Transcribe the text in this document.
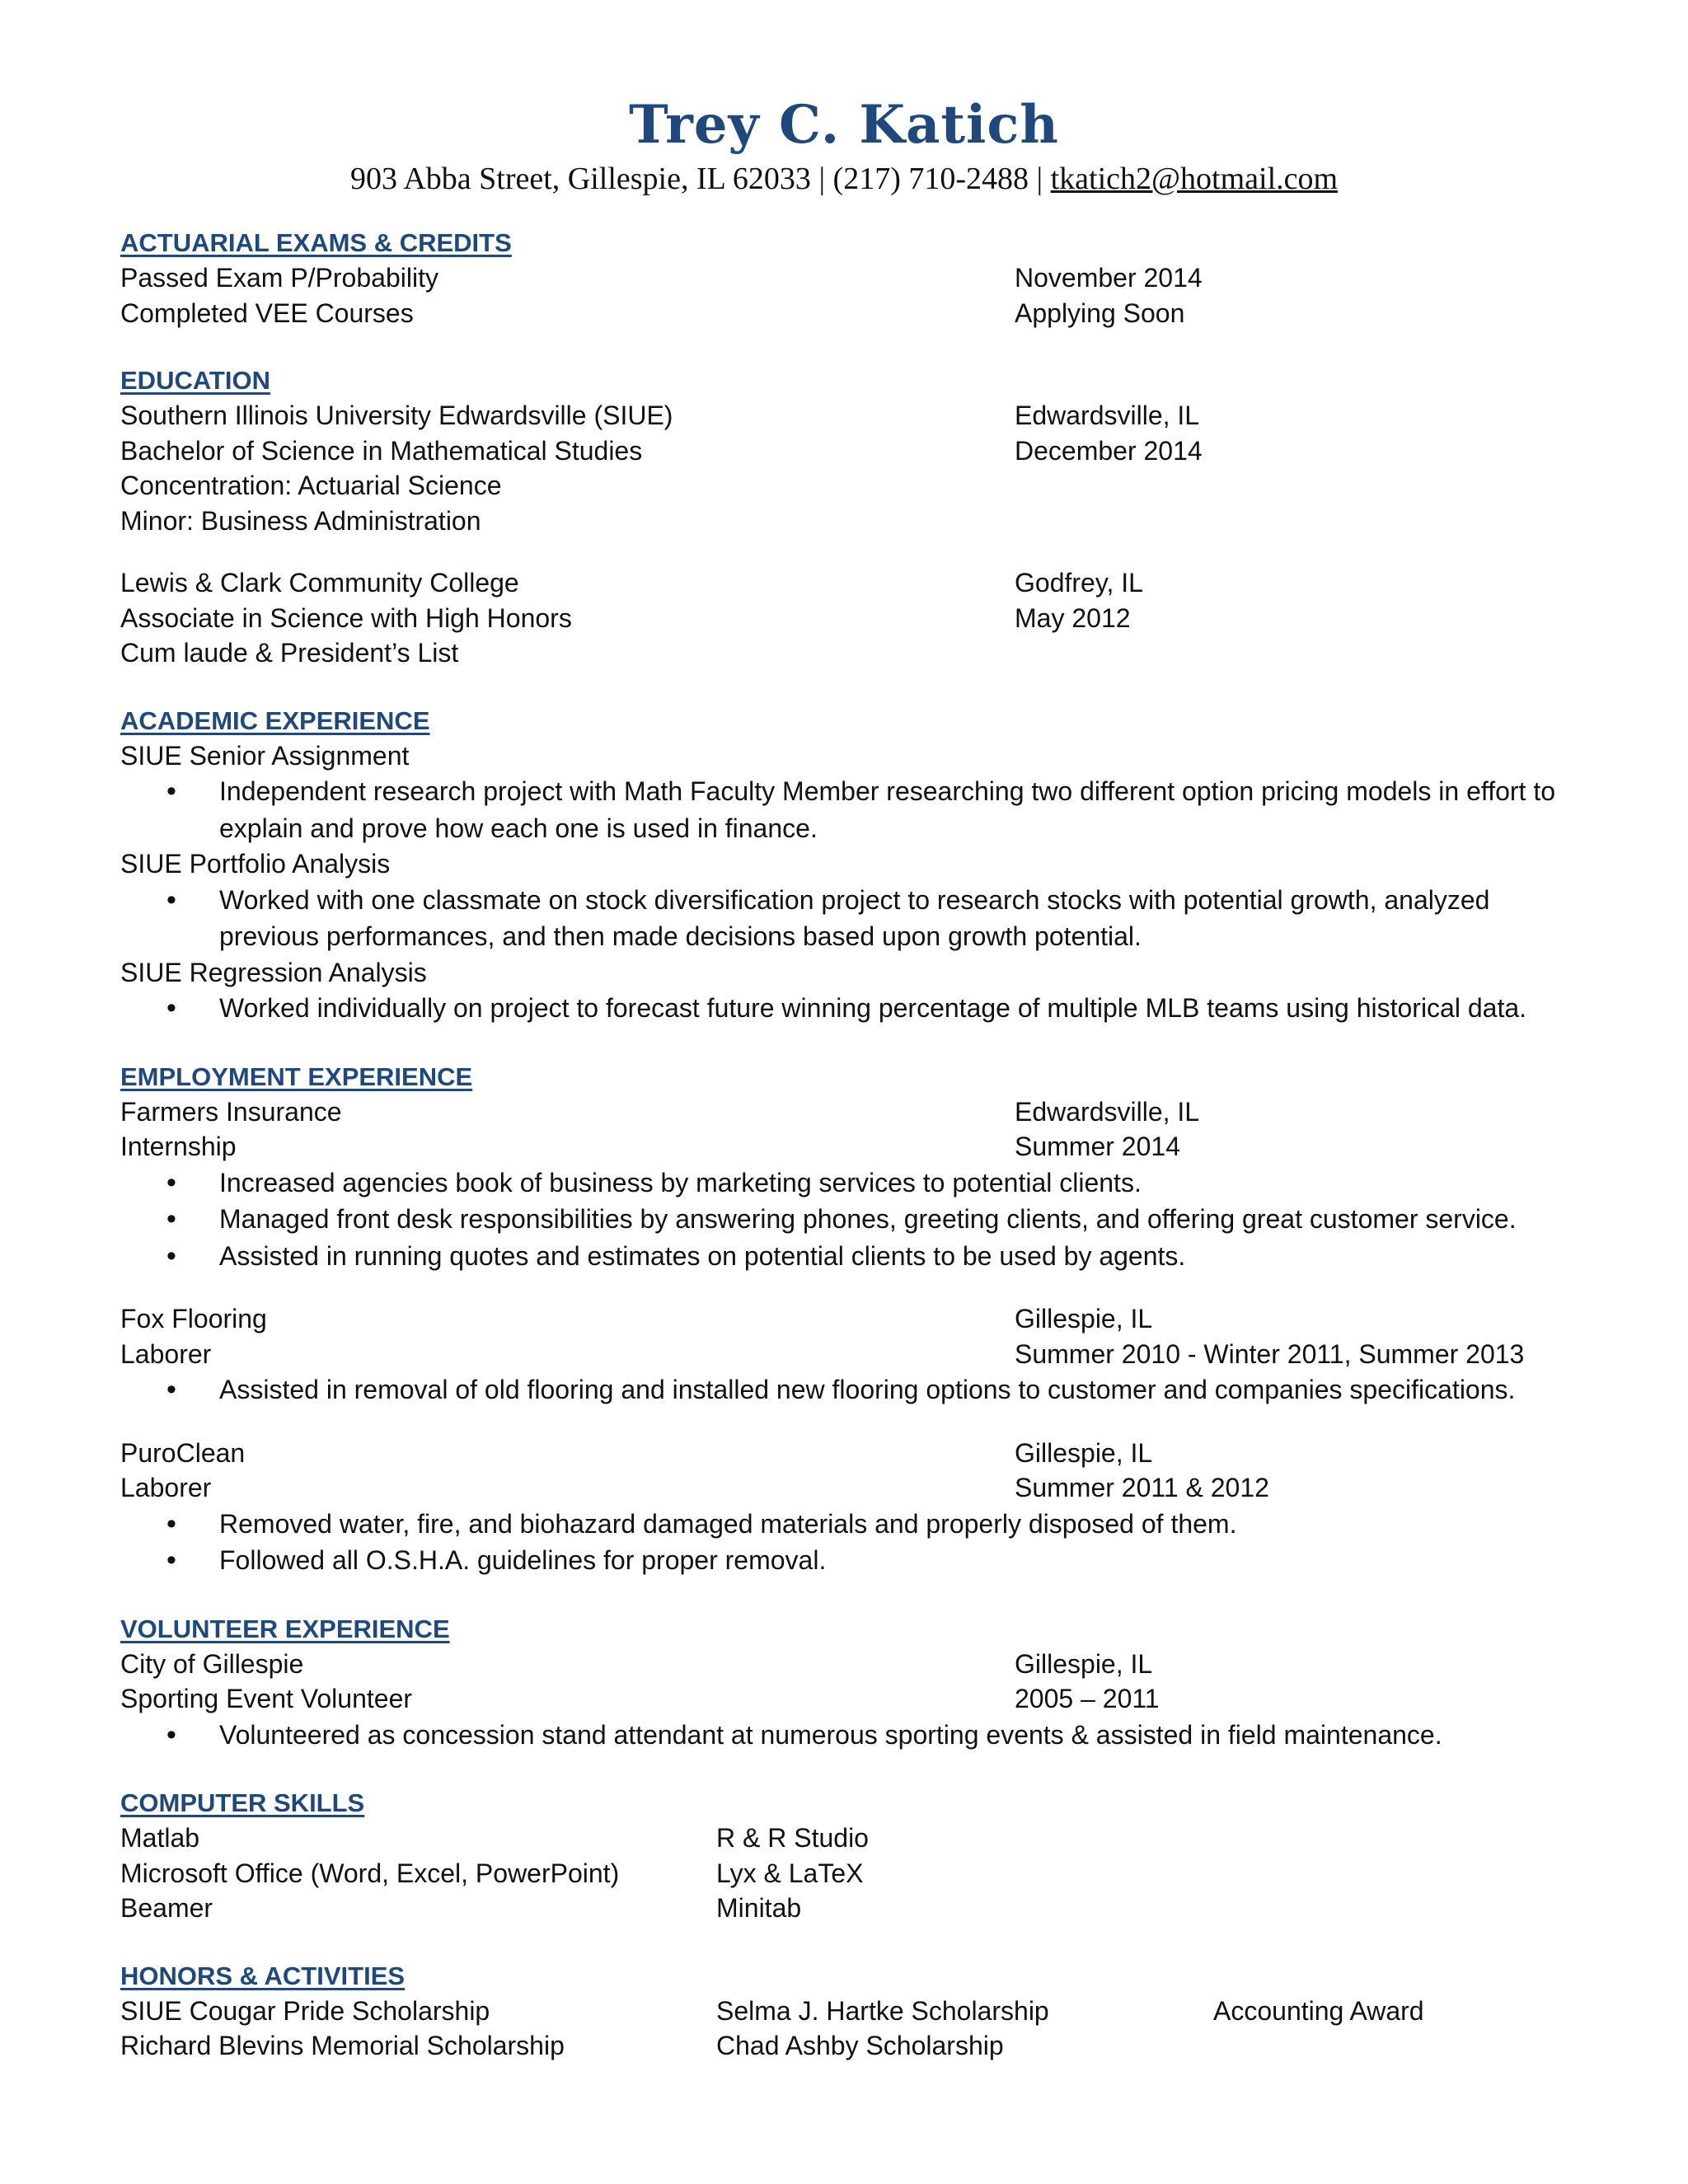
Trey C. Katich
903 Abba Street, Gillespie, IL 62033 | (217) 710-2488 | tkatich2@hotmail.com
ACTUARIAL EXAMS & CREDITS
Passed Exam P/Probability	November 2014
Completed VEE Courses	Applying Soon
EDUCATION
Southern Illinois University Edwardsville (SIUE)	Edwardsville, IL
Bachelor of Science in Mathematical Studies	December 2014
Concentration: Actuarial Science
Minor: Business Administration
Lewis & Clark Community College	Godfrey, IL
Associate in Science with High Honors	May 2012
Cum laude & President’s List
ACADEMIC EXPERIENCE
SIUE Senior Assignment
• Independent research project with Math Faculty Member researching two different option pricing models in effort to explain and prove how each one is used in finance.
SIUE Portfolio Analysis
• Worked with one classmate on stock diversification project to research stocks with potential growth, analyzed previous performances, and then made decisions based upon growth potential.
SIUE Regression Analysis
• Worked individually on project to forecast future winning percentage of multiple MLB teams using historical data.
EMPLOYMENT EXPERIENCE
Farmers Insurance	Edwardsville, IL
Internship	Summer 2014
• Increased agencies book of business by marketing services to potential clients.
• Managed front desk responsibilities by answering phones, greeting clients, and offering great customer service.
• Assisted in running quotes and estimates on potential clients to be used by agents.
Fox Flooring	Gillespie, IL
Laborer	Summer 2010 - Winter 2011, Summer 2013
• Assisted in removal of old flooring and installed new flooring options to customer and companies specifications.
PuroClean	Gillespie, IL
Laborer	Summer 2011 & 2012
• Removed water, fire, and biohazard damaged materials and properly disposed of them.
• Followed all O.S.H.A. guidelines for proper removal.
VOLUNTEER EXPERIENCE
City of Gillespie	Gillespie, IL
Sporting Event Volunteer	2005 – 2011
• Volunteered as concession stand attendant at numerous sporting events & assisted in field maintenance.
COMPUTER SKILLS
Matlab	R & R Studio
Microsoft Office (Word, Excel, PowerPoint)	Lyx & LaTeX
Beamer	Minitab
HONORS & ACTIVITIES
SIUE Cougar Pride Scholarship	Selma J. Hartke Scholarship	Accounting Award
Richard Blevins Memorial Scholarship	Chad Ashby Scholarship
